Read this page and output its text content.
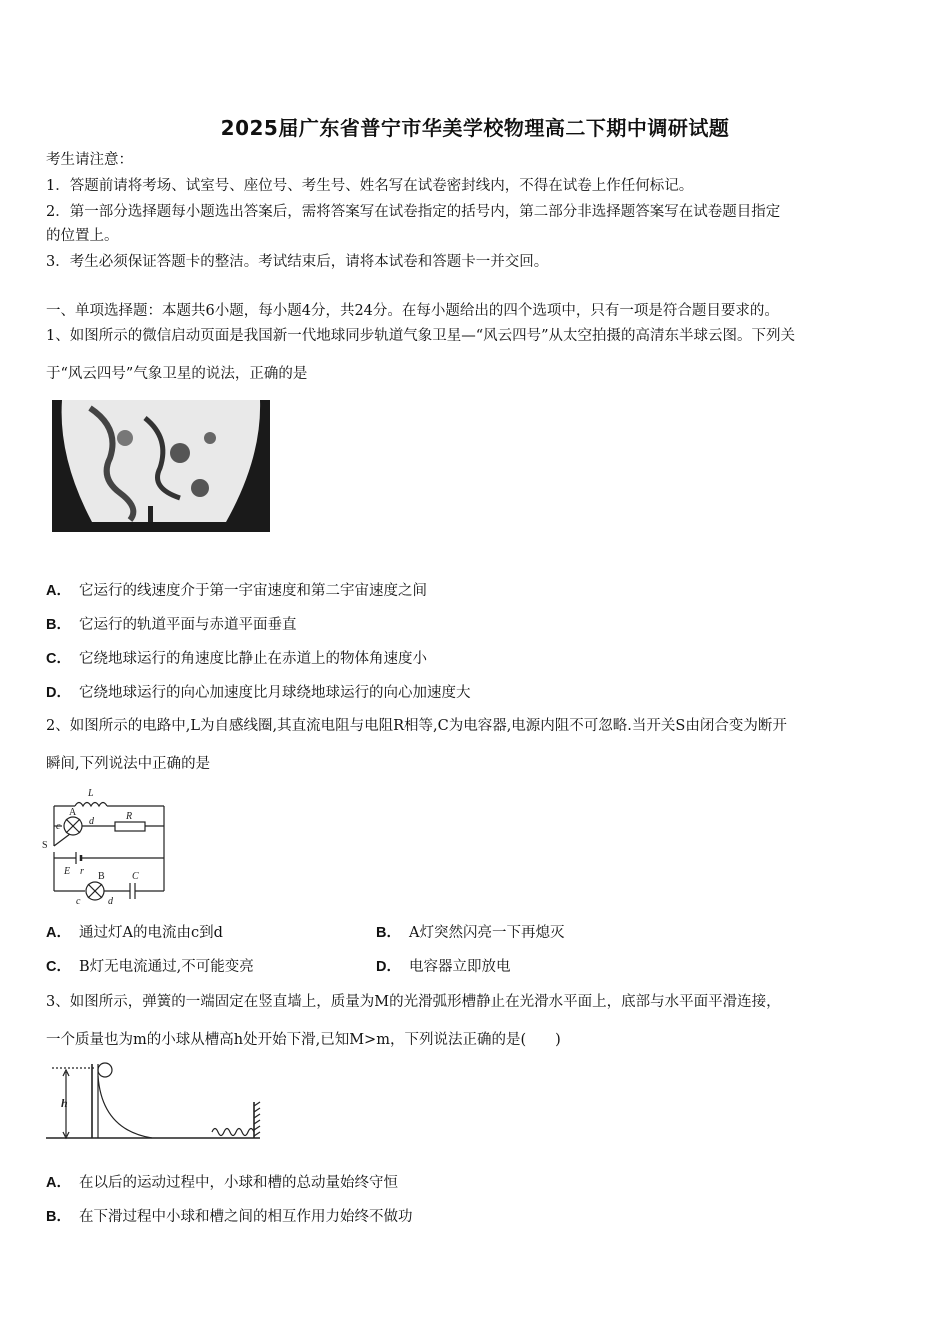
2025届广东省普宁市华美学校物理高二下期中调研试题
考生请注意：
1．答题前请将考场、试室号、座位号、考生号、姓名写在试卷密封线内，不得在试卷上作任何标记。
2．第一部分选择题每小题选出答案后，需将答案写在试卷指定的括号内，第二部分非选择题答案写在试卷题目指定
的位置上。
3．考生必须保证答题卡的整洁。考试结束后，请将本试卷和答题卡一并交回。
一、单项选择题：本题共6小题，每小题4分，共24分。在每小题给出的四个选项中，只有一项是符合题目要求的。
1、如图所示的微信启动页面是我国新一代地球同步轨道气象卫星—“风云四号”从太空拍摄的高清东半球云图。下列关
于“风云四号”气象卫星的说法，正确的是
A． 它运行的线速度介于第一宇宙速度和第二宇宙速度之间
B． 它运行的轨道平面与赤道平面垂直
C． 它绕地球运行的角速度比静止在赤道上的物体角速度小
D． 它绕地球运行的向心加速度比月球绕地球运行的向心加速度大
2、如图所示的电路中,L为自感线圈,其直流电阻与电阻R相等,C为电容器,电源内阻不可忽略.当开关S由闭合变为断开
瞬间,下列说法中正确的是
L
A
c	d	R
S
E r B	C
c	d
A． 通过灯A的电流由c到d	B． A灯突然闪亮一下再熄灭
C． B灯无电流通过,不可能变亮	D． 电容器立即放电
3、如图所示，弹簧的一端固定在竖直墙上，质量为M的光滑弧形槽静止在光滑水平面上，底部与水平面平滑连接，
一个质量也为m的小球从槽高h处开始下滑,已知M>m，下列说法正确的是(　　)
h
A． 在以后的运动过程中，小球和槽的总动量始终守恒
B． 在下滑过程中小球和槽之间的相互作用力始终不做功
